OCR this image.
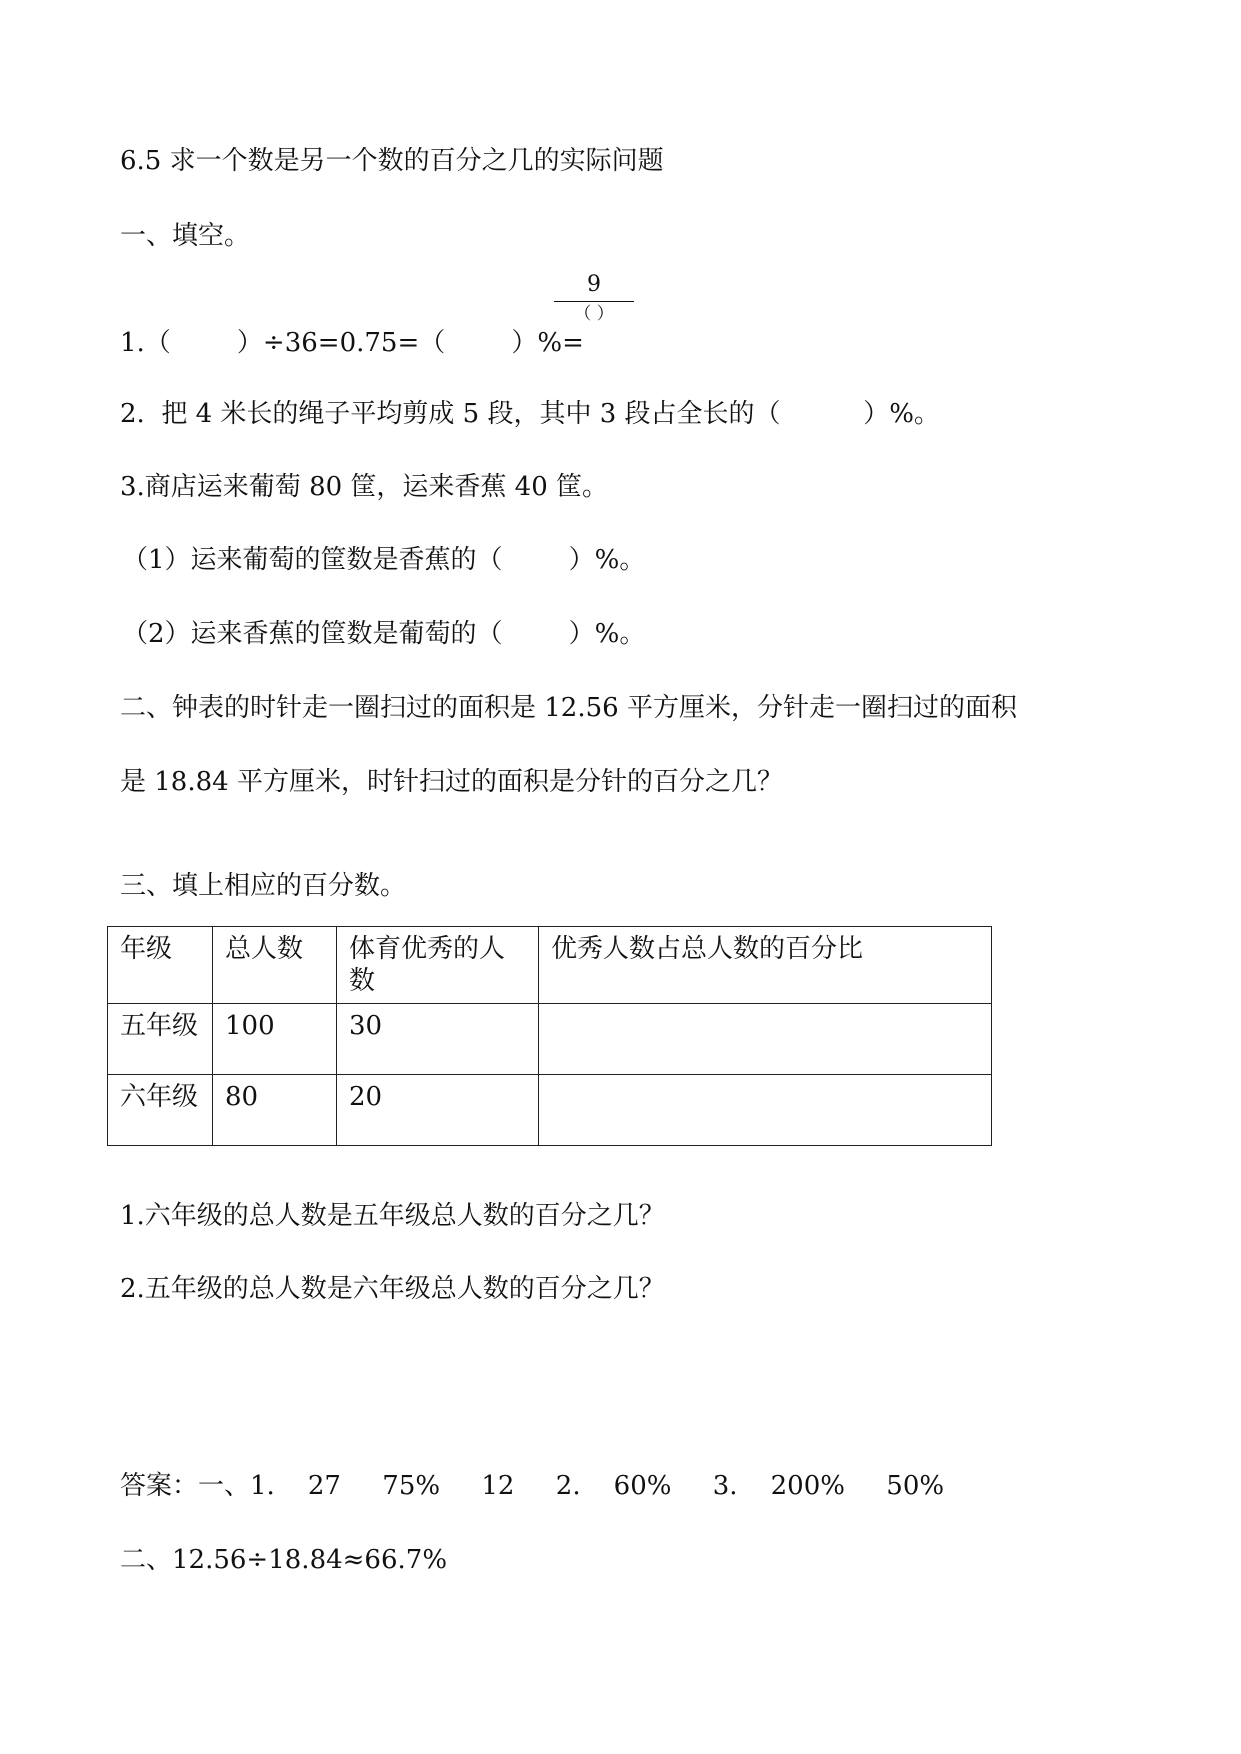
6.5 求一个数是另一个数的百分之几的实际问题
一、填空。
1.（        ）÷36=0.75=（        ）%=
9
（ ）
2.  把 4 米长的绳子平均剪成 5 段，其中 3 段占全长的（          ）%。
3.商店运来葡萄 80 筐，运来香蕉 40 筐。
（1）运来葡萄的筐数是香蕉的（        ）%。
（2）运来香蕉的筐数是葡萄的（        ）%。
二、钟表的时针走一圈扫过的面积是 12.56 平方厘米，分针走一圈扫过的面积
是 18.84 平方厘米，时针扫过的面积是分针的百分之几？
三、填上相应的百分数。
年级	总人数	体育优秀的人数	优秀人数占总人数的百分比
五年级	100	30	
六年级	80	20	
1.六年级的总人数是五年级总人数的百分之几？
2.五年级的总人数是六年级总人数的百分之几？
答案：一、1.    27     75%     12     2.    60%     3.    200%     50%
二、12.56÷18.84≈66.7%
